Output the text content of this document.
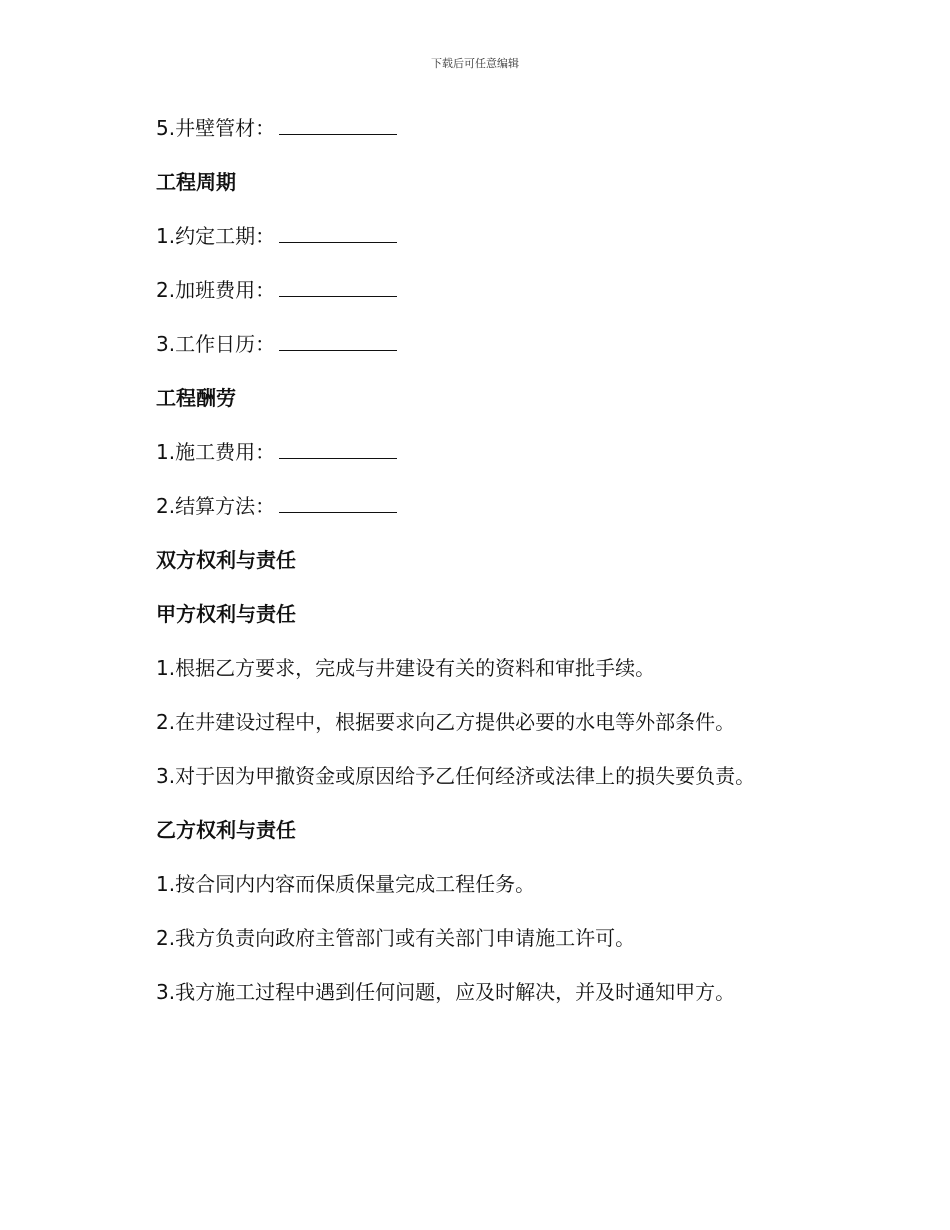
下载后可任意编辑
5.井壁管材：
工程周期
1.约定工期：
2.加班费用：
3.工作日历：
工程酬劳
1.施工费用：
2.结算方法：
双方权利与责任
甲方权利与责任
1.根据乙方要求，完成与井建设有关的资料和审批手续。
2.在井建设过程中，根据要求向乙方提供必要的水电等外部条件。
3.对于因为甲撤资金或原因给予乙任何经济或法律上的损失要负责。
乙方权利与责任
1.按合同内内容而保质保量完成工程任务。
2.我方负责向政府主管部门或有关部门申请施工许可。
3.我方施工过程中遇到任何问题，应及时解决，并及时通知甲方。
